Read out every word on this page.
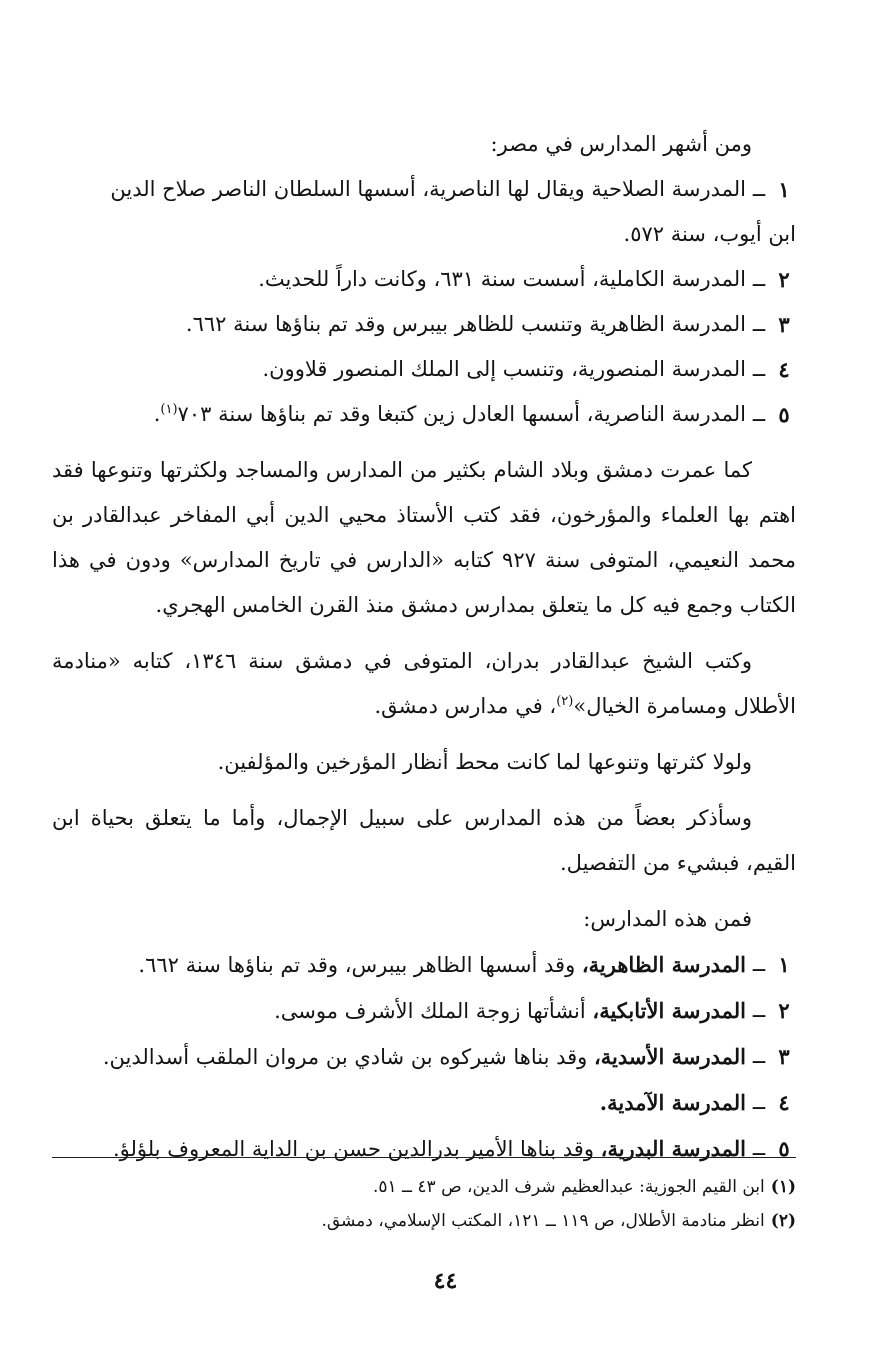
ومن أشهر المدارس في مصر:

١
ــ
المدرسة الصلاحية ويقال لها الناصرية، أسسها السلطان الناصر صلاح الدين
ابن أيوب، سنة ٥٧٢.
٢
ــ
المدرسة الكاملية، أسست سنة ٦٣١، وكانت داراً للحديث.
٣
ــ
المدرسة الظاهرية وتنسب للظاهر بيبرس وقد تم بناؤها سنة ٦٦٢.
٤
ــ
المدرسة المنصورية، وتنسب إلى الملك المنصور قلاوون.
٥
ــ
المدرسة الناصرية، أسسها العادل زين كتبغا وقد تم بناؤها سنة ٧٠٣$^{(١)}$.

كما عمرت دمشق وبلاد الشام بكثير من المدارس والمساجد ولكثرتها وتنوعها فقد اهتم بها العلماء والمؤرخون، فقد كتب الأستاذ محيي الدين أبي المفاخر عبدالقادر بن محمد النعيمي، المتوفى سنة ٩٢٧ كتابه «الدارس في تاريخ المدارس» ودون في هذا الكتاب وجمع فيه كل ما يتعلق بمدارس دمشق منذ القرن الخامس الهجري.

وكتب الشيخ عبدالقادر بدران، المتوفى في دمشق سنة ١٣٤٦، كتابه «منادمة الأطلال ومسامرة الخيال»$^{(٢)}$، في مدارس دمشق.

ولولا كثرتها وتنوعها لما كانت محط أنظار المؤرخين والمؤلفين.

وسأذكر بعضاً من هذه المدارس على سبيل الإجمال، وأما ما يتعلق بحياة ابن القيم، فبشيء من التفصيل.

فمن هذه المدارس:

١
ــ
المدرسة الظاهرية، وقد أسسها الظاهر بيبرس، وقد تم بناؤها سنة ٦٦٢.
٢
ــ
المدرسة الأتابكية، أنشأتها زوجة الملك الأشرف موسى.
٣
ــ
المدرسة الأسدية، وقد بناها شيركوه بن شادي بن مروان الملقب أسدالدين.
٤
ــ
المدرسة الآمدية.
٥
ــ
المدرسة البدرية، وقد بناها الأمير بدرالدين حسن بن الداية المعروف بلؤلؤ.

(١)ابن القيم الجوزية: عبدالعظيم شرف الدين، ص ٤٣ ــ ٥١.

(٢)انظر منادمة الأطلال، ص ١١٩ ــ ١٢١، المكتب الإسلامي، دمشق.

٤٤
